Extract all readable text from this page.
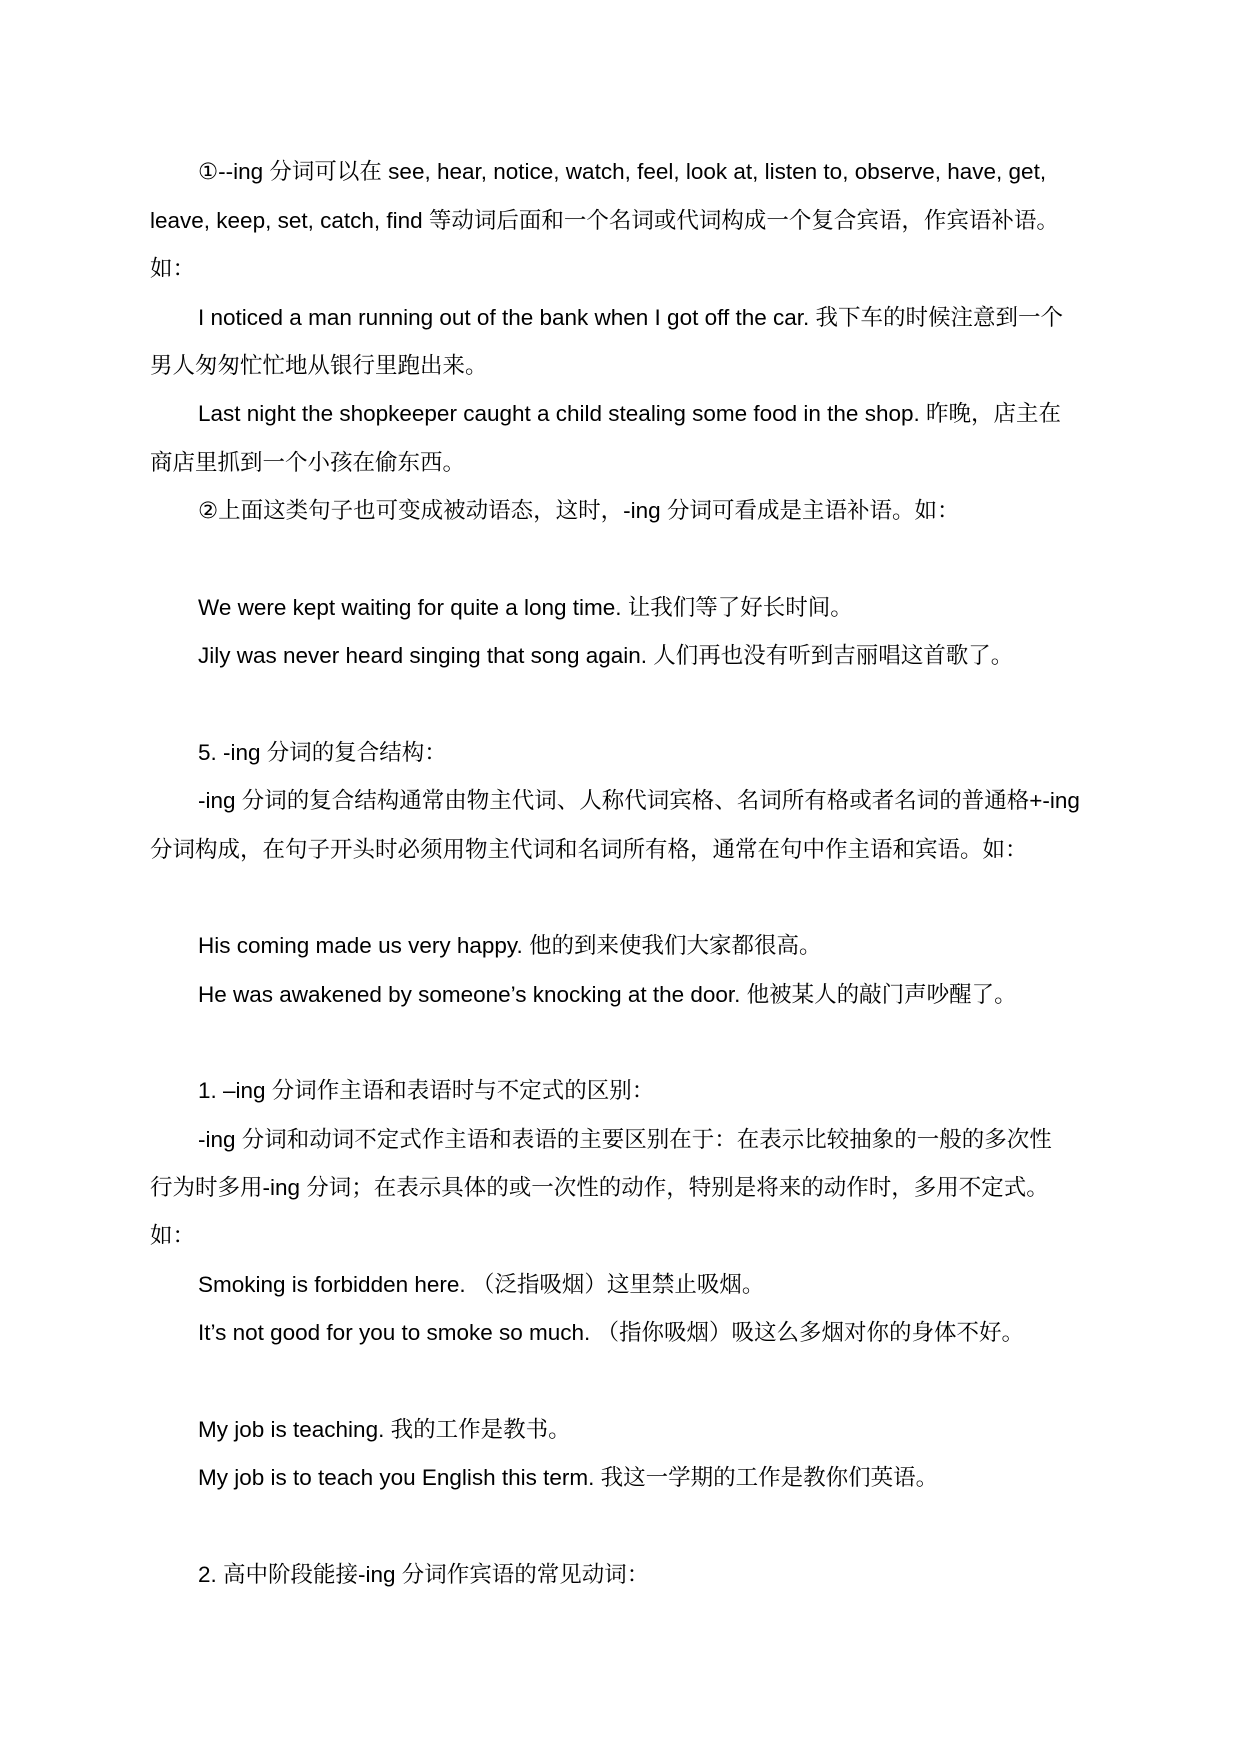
①--ing 分词可以在 see, hear, notice, watch, feel, look at, listen to, observe, have, get,
leave, keep, set, catch, find 等动词后面和一个名词或代词构成一个复合宾语，作宾语补语。
如：
I noticed a man running out of the bank when I got off the car. 我下车的时候注意到一个
男人匆匆忙忙地从银行里跑出来。
Last night the shopkeeper caught a child stealing some food in the shop. 昨晚，店主在
商店里抓到一个小孩在偷东西。
②上面这类句子也可变成被动语态，这时，-ing 分词可看成是主语补语。如：
We were kept waiting for quite a long time. 让我们等了好长时间。
Jily was never heard singing that song again. 人们再也没有听到吉丽唱这首歌了。
5. -ing 分词的复合结构：
-ing 分词的复合结构通常由物主代词、人称代词宾格、名词所有格或者名词的普通格+-ing
分词构成，在句子开头时必须用物主代词和名词所有格，通常在句中作主语和宾语。如：
His coming made us very happy. 他的到来使我们大家都很高。
He was awakened by someone’s knocking at the door. 他被某人的敲门声吵醒了。
1. –ing 分词作主语和表语时与不定式的区别：
-ing 分词和动词不定式作主语和表语的主要区别在于：在表示比较抽象的一般的多次性
行为时多用-ing 分词；在表示具体的或一次性的动作，特别是将来的动作时，多用不定式。
如：
Smoking is forbidden here. （泛指吸烟）这里禁止吸烟。
It’s not good for you to smoke so much. （指你吸烟）吸这么多烟对你的身体不好。
My job is teaching. 我的工作是教书。
My job is to teach you English this term. 我这一学期的工作是教你们英语。
2. 高中阶段能接-ing 分词作宾语的常见动词：
